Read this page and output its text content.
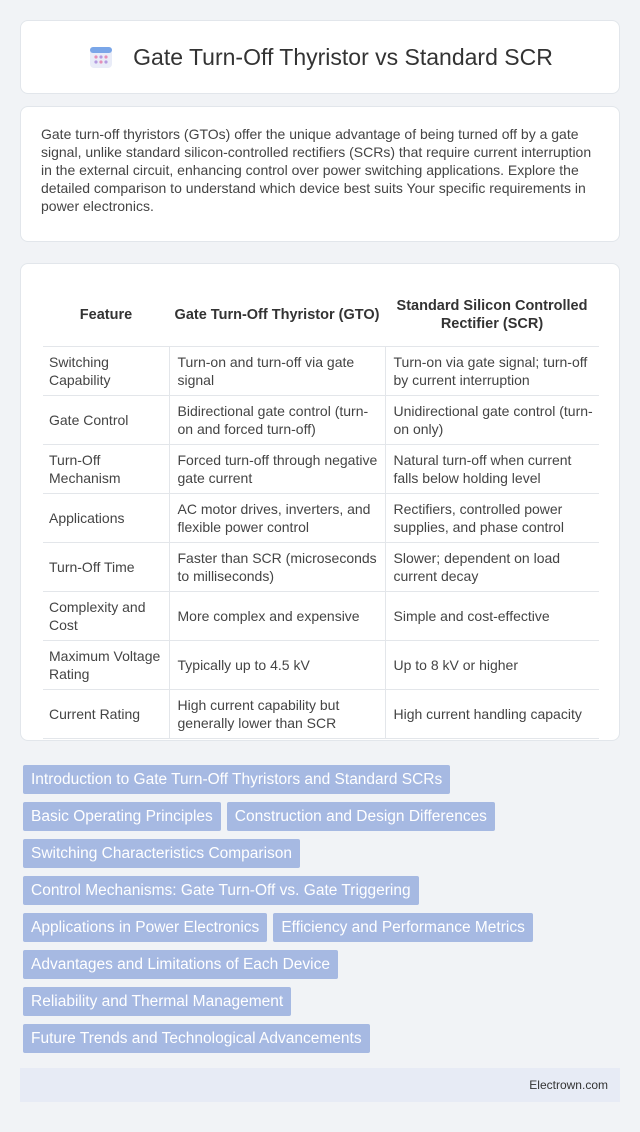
Gate Turn-Off Thyristor vs Standard SCR

Gate turn-off thyristors (GTOs) offer the unique advantage of being turned off by a gate signal, unlike standard silicon-controlled rectifiers (SCRs) that require current interruption in the external circuit, enhancing control over power switching applications. Explore the detailed comparison to understand which device best suits Your specific requirements in power electronics.

Feature	Gate Turn-Off Thyristor (GTO)	Standard Silicon Controlled Rectifier (SCR)
Switching Capability	Turn-on and turn-off via gate signal	Turn-on via gate signal; turn-off by current interruption
Gate Control	Bidirectional gate control (turn-on and forced turn-off)	Unidirectional gate control (turn-on only)
Turn-Off Mechanism	Forced turn-off through negative gate current	Natural turn-off when current falls below holding level
Applications	AC motor drives, inverters, and flexible power control	Rectifiers, controlled power supplies, and phase control
Turn-Off Time	Faster than SCR (microseconds to milliseconds)	Slower; dependent on load current decay
Complexity and Cost	More complex and expensive	Simple and cost-effective
Maximum Voltage Rating	Typically up to 4.5 kV	Up to 8 kV or higher
Current Rating	High current capability but generally lower than SCR	High current handling capacity
Introduction to Gate Turn-Off Thyristors and Standard SCRs
Basic Operating Principles Construction and Design Differences
Switching Characteristics Comparison
Control Mechanisms: Gate Turn-Off vs. Gate Triggering
Applications in Power Electronics Efficiency and Performance Metrics
Advantages and Limitations of Each Device
Reliability and Thermal Management
Future Trends and Technological Advancements
Electrown.com
